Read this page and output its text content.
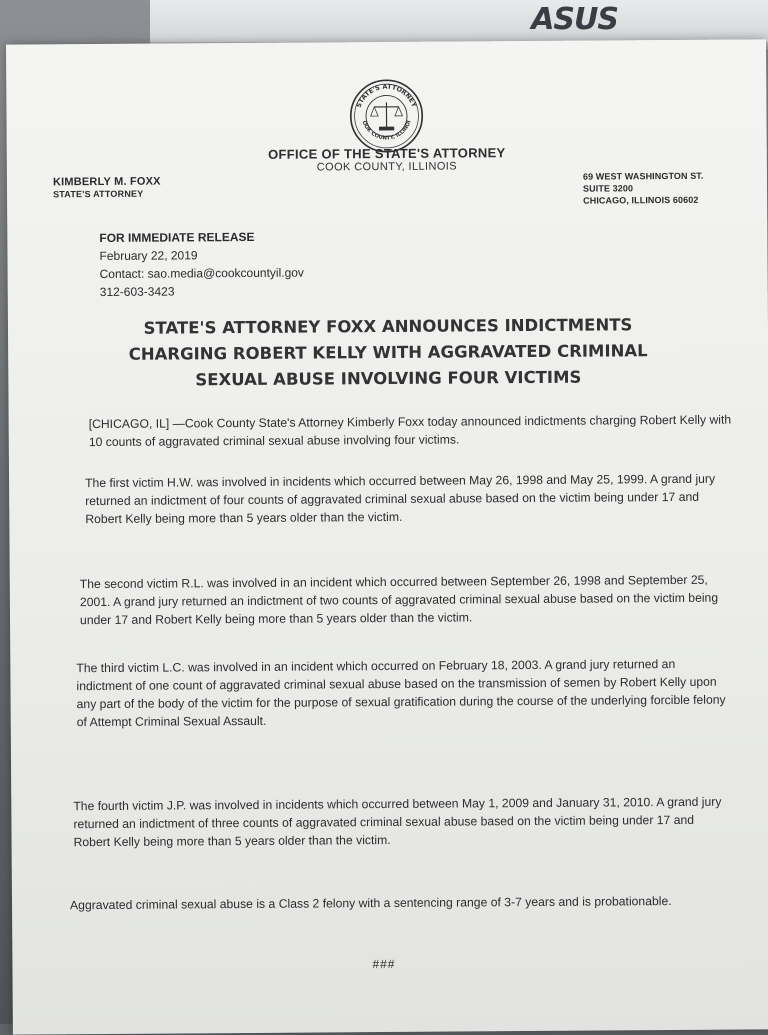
ASUS
STATE'S ATTORNEY
COOK COUNTY, ILLINOIS
OFFICE OF THE STATE'S ATTORNEY
COOK COUNTY, ILLINOIS
KIMBERLY M. FOXX
STATE'S ATTORNEY
69 WEST WASHINGTON ST.
SUITE 3200
CHICAGO, ILLINOIS 60602
FOR IMMEDIATE RELEASE
February 22, 2019
Contact: sao.media@cookcountyil.gov
312-603-3423
STATE'S ATTORNEY FOXX ANNOUNCES INDICTMENTS
CHARGING ROBERT KELLY WITH AGGRAVATED CRIMINAL
SEXUAL ABUSE INVOLVING FOUR VICTIMS
[CHICAGO, IL] —Cook County State's Attorney Kimberly Foxx today announced indictments charging Robert Kelly with 10 counts of aggravated criminal sexual abuse involving four victims.
The first victim H.W. was involved in incidents which occurred between May 26, 1998 and May 25, 1999. A grand jury returned an indictment of four counts of aggravated criminal sexual abuse based on the victim being under 17 and Robert Kelly being more than 5 years older than the victim.
The second victim R.L. was involved in an incident which occurred between September 26, 1998 and September 25, 2001. A grand jury returned an indictment of two counts of aggravated criminal sexual abuse based on the victim being under 17 and Robert Kelly being more than 5 years older than the victim.
The third victim L.C. was involved in an incident which occurred on February 18, 2003. A grand jury returned an indictment of one count of aggravated criminal sexual abuse based on the transmission of semen by Robert Kelly upon any part of the body of the victim for the purpose of sexual gratification during the course of the underlying forcible felony of Attempt Criminal Sexual Assault.
The fourth victim J.P. was involved in incidents which occurred between May 1, 2009 and January 31, 2010. A grand jury returned an indictment of three counts of aggravated criminal sexual abuse based on the victim being under 17 and Robert Kelly being more than 5 years older than the victim.
Aggravated criminal sexual abuse is a Class 2 felony with a sentencing range of 3-7 years and is probationable.
###
